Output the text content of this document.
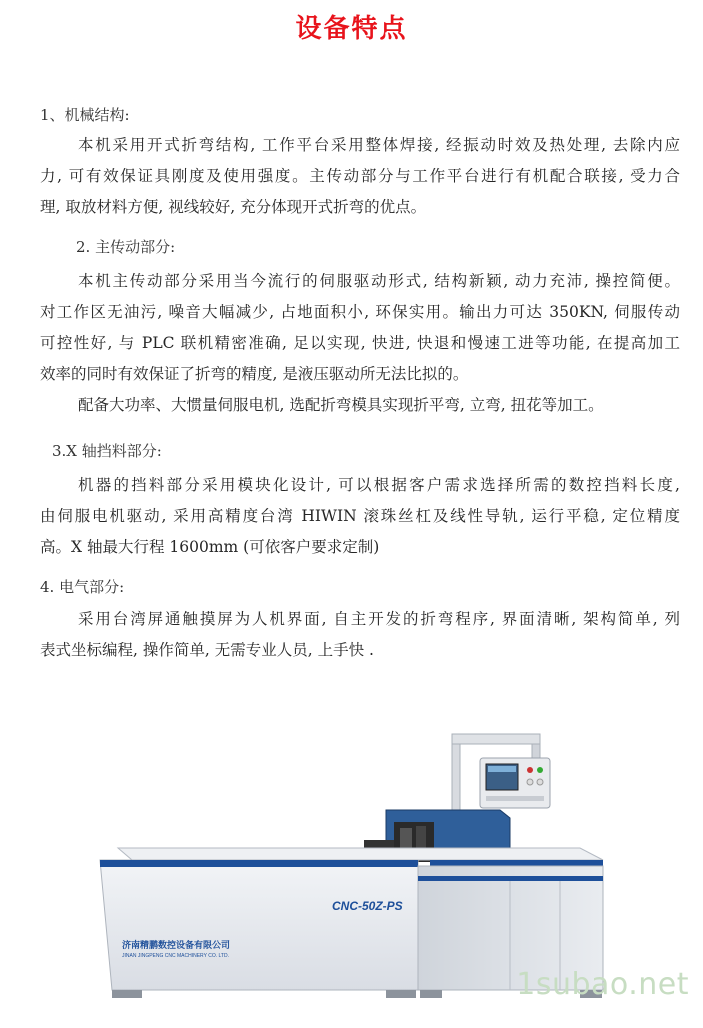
设备特点
1、机械结构:
本机采用开式折弯结构, 工作平台采用整体焊接, 经振动时效及热处理, 去除内应
力, 可有效保证具刚度及使用强度。主传动部分与工作平台进行有机配合联接, 受力合
理, 取放材料方便, 视线较好, 充分体现开式折弯的优点。
2. 主传动部分:
本机主传动部分采用当今流行的伺服驱动形式, 结构新颖, 动力充沛, 操控简便。
对工作区无油污, 噪音大幅减少, 占地面积小, 环保实用。输出力可达 350KN, 伺服传动
可控性好, 与 PLC 联机精密准确, 足以实现, 快进, 快退和慢速工进等功能, 在提高加工
效率的同时有效保证了折弯的精度, 是液压驱动所无法比拟的。
配备大功率、大惯量伺服电机, 选配折弯模具实现折平弯, 立弯, 扭花等加工。
3.X 轴挡料部分:
机器的挡料部分采用模块化设计, 可以根据客户需求选择所需的数控挡料长度,
由伺服电机驱动, 采用高精度台湾 HIWIN 滚珠丝杠及线性导轨, 运行平稳, 定位精度
高。X 轴最大行程 1600mm (可依客户要求定制)
4. 电气部分:
采用台湾屏通触摸屏为人机界面, 自主开发的折弯程序, 界面清晰, 架构简单, 列
表式坐标编程, 操作简单, 无需专业人员, 上手快 .
CNC-50Z-PS
济南精鹏数控设备有限公司
JINAN JINGPENG CNC MACHINERY CO. LTD.
1subao.net
